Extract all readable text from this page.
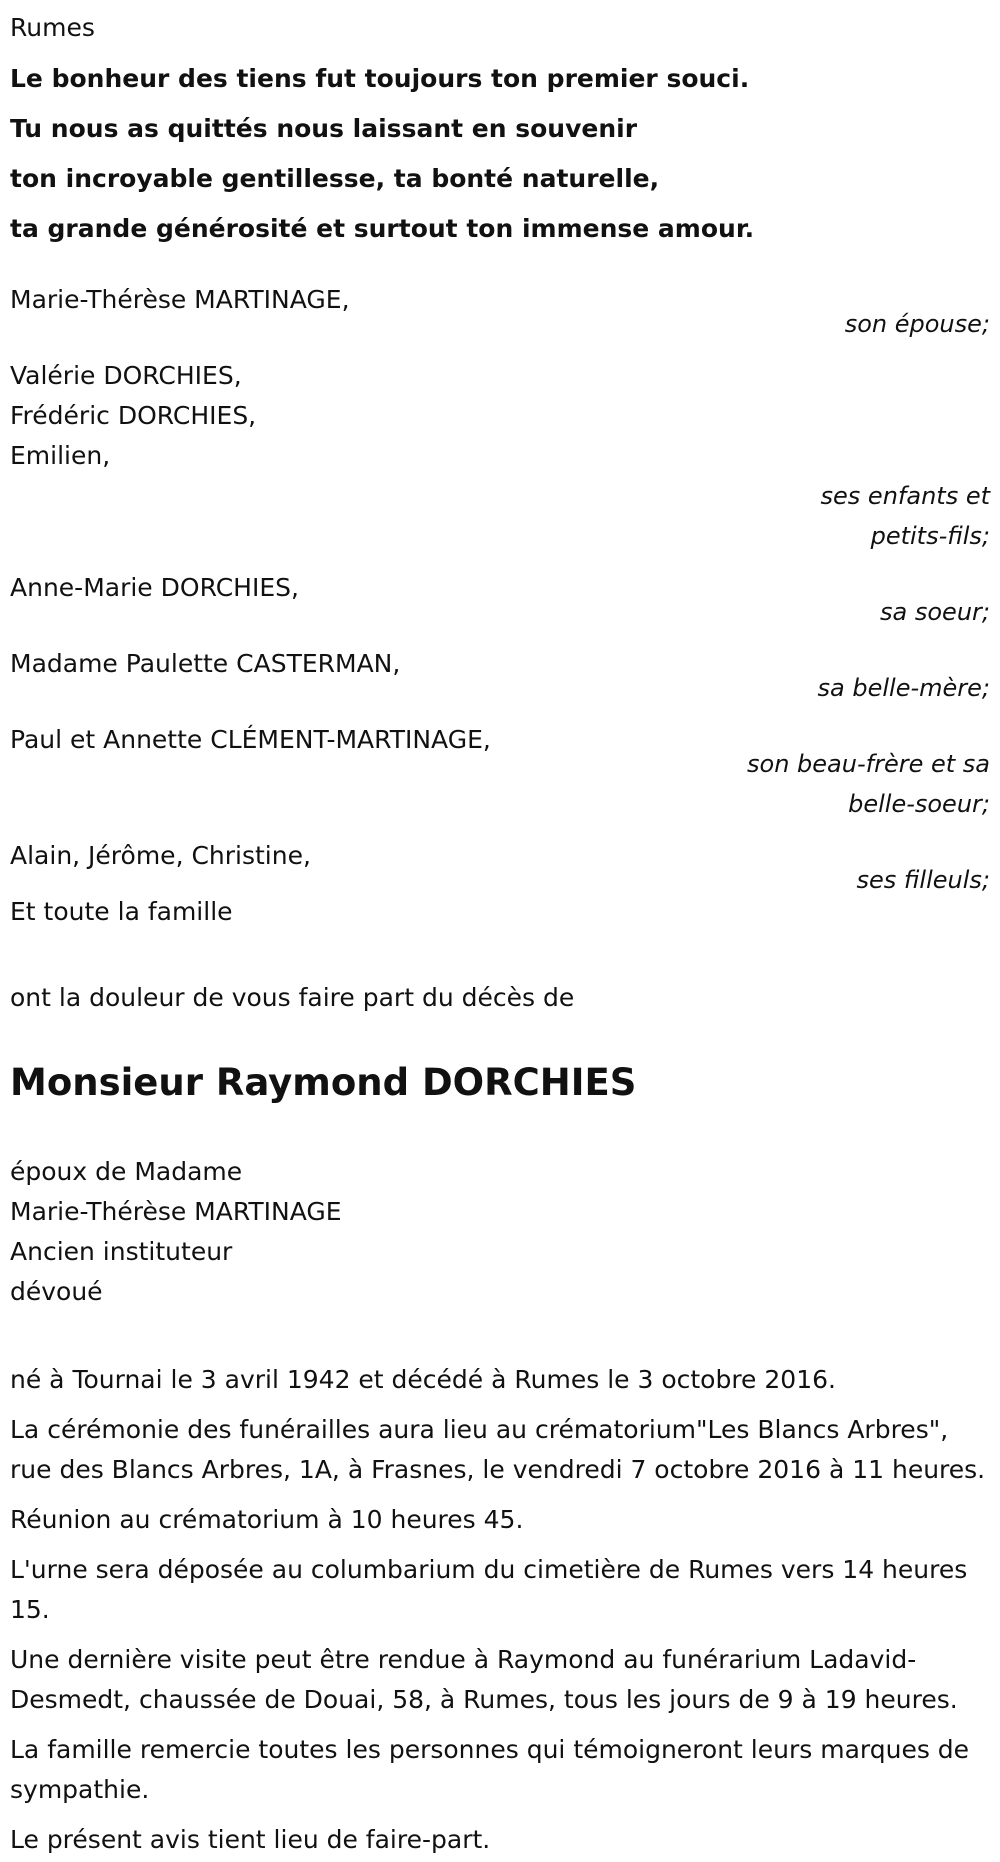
Rumes
Le bonheur des tiens fut toujours ton premier souci.
Tu nous as quittés nous laissant en souvenir
ton incroyable gentillesse, ta bonté naturelle,
ta grande générosité et surtout ton immense amour.
Marie-Thérèse MARTINAGE,
son épouse;
Valérie DORCHIES,
Frédéric DORCHIES,
Emilien,
ses enfants et
petits-fils;
Anne-Marie DORCHIES,
sa soeur;
Madame Paulette CASTERMAN,
sa belle-mère;
Paul et Annette CLÉMENT-MARTINAGE,
son beau-frère et sa
belle-soeur;
Alain, Jérôme, Christine,
ses filleuls;
Et toute la famille
ont la douleur de vous faire part du décès de
Monsieur Raymond DORCHIES
époux de Madame
Marie-Thérèse MARTINAGE
Ancien instituteur
dévoué
né à Tournai le 3 avril 1942 et décédé à Rumes le 3 octobre 2016.
La cérémonie des funérailles aura lieu au crématorium"Les Blancs Arbres", rue des Blancs Arbres, 1A, à Frasnes, le vendredi 7 octobre 2016 à 11 heures.
Réunion au crématorium à 10 heures 45.
L'urne sera déposée au columbarium du cimetière de Rumes vers 14 heures 15.
Une dernière visite peut être rendue à Raymond au funérarium Ladavid-Desmedt, chaussée de Douai, 58, à Rumes, tous les jours de 9 à 19 heures.
La famille remercie toutes les personnes qui témoigneront leurs marques de sympathie.
Le présent avis tient lieu de faire-part.
